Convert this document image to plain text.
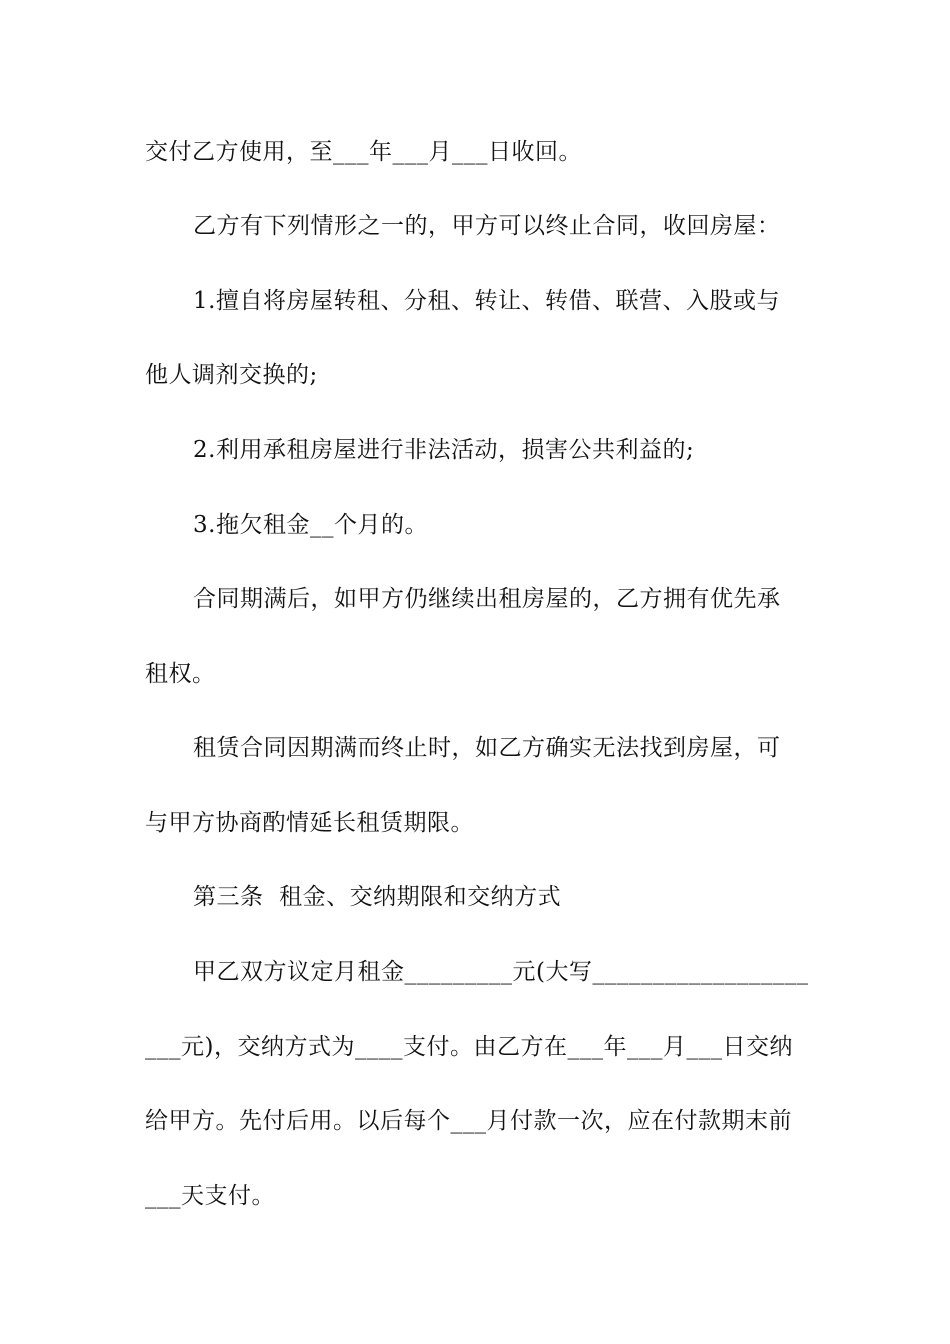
交付乙方使用，至___年___月___日收回。
乙方有下列情形之一的，甲方可以终止合同，收回房屋：
1.擅自将房屋转租、分租、转让、转借、联营、入股或与
他人调剂交换的;
2.利用承租房屋进行非法活动，损害公共利益的;
3.拖欠租金__个月的。
合同期满后，如甲方仍继续出租房屋的，乙方拥有优先承
租权。
租赁合同因期满而终止时，如乙方确实无法找到房屋，可
与甲方协商酌情延长租赁期限。
第三条  租金、交纳期限和交纳方式
甲乙双方议定月租金_________元(大写__________________
___元)，交纳方式为____支付。由乙方在___年___月___日交纳
给甲方。先付后用。以后每个___月付款一次，应在付款期末前
___天支付。
